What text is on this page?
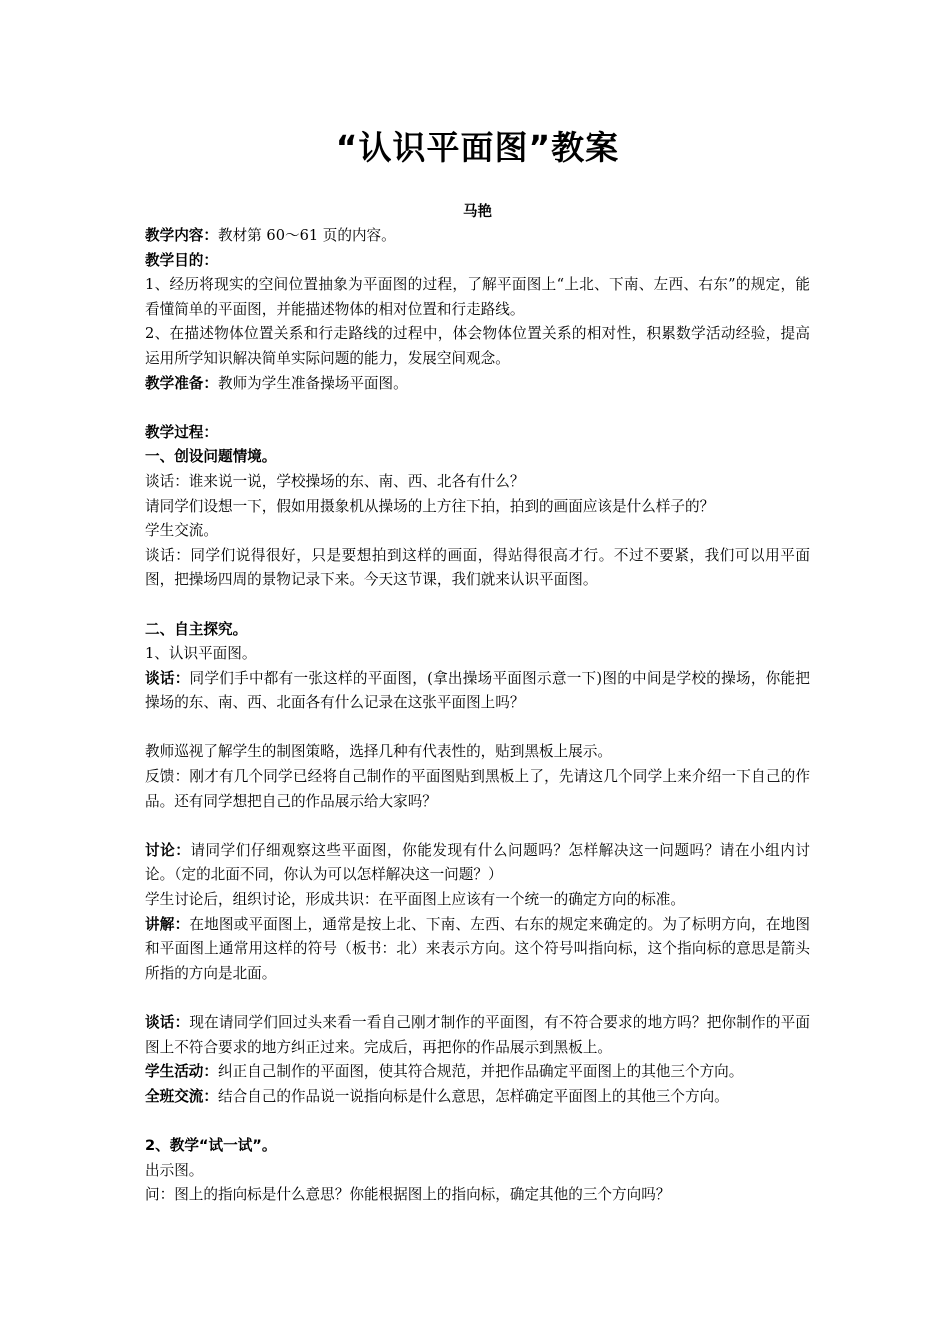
“认识平面图”教案
马艳

教学内容：教材第 60～61 页的内容。

教学目的：

1、经历将现实的空间位置抽象为平面图的过程，了解平面图上“上北、下南、左西、右东”的规定，能看懂简单的平面图，并能描述物体的相对位置和行走路线。

2、在描述物体位置关系和行走路线的过程中，体会物体位置关系的相对性，积累数学活动经验，提高运用所学知识解决简单实际问题的能力，发展空间观念。

教学准备：教师为学生准备操场平面图。

教学过程：

一、创设问题情境。

谈话：谁来说一说，学校操场的东、南、西、北各有什么？

请同学们设想一下，假如用摄象机从操场的上方往下拍，拍到的画面应该是什么样子的？

学生交流。

谈话：同学们说得很好，只是要想拍到这样的画面，得站得很高才行。不过不要紧，我们可以用平面图，把操场四周的景物记录下来。今天这节课，我们就来认识平面图。

二、自主探究。

1、认识平面图。

谈话：同学们手中都有一张这样的平面图，(拿出操场平面图示意一下)图的中间是学校的操场，你能把操场的东、南、西、北面各有什么记录在这张平面图上吗？

教师巡视了解学生的制图策略，选择几种有代表性的，贴到黑板上展示。

反馈：刚才有几个同学已经将自己制作的平面图贴到黑板上了，先请这几个同学上来介绍一下自己的作品。还有同学想把自己的作品展示给大家吗？

讨论：请同学们仔细观察这些平面图，你能发现有什么问题吗？怎样解决这一问题吗？请在小组内讨论。（定的北面不同，你认为可以怎样解决这一问题？）

学生讨论后，组织讨论，形成共识：在平面图上应该有一个统一的确定方向的标准。

讲解：在地图或平面图上，通常是按上北、下南、左西、右东的规定来确定的。为了标明方向，在地图和平面图上通常用这样的符号（板书：北）来表示方向。这个符号叫指向标，这个指向标的意思是箭头所指的方向是北面。

谈话：现在请同学们回过头来看一看自己刚才制作的平面图，有不符合要求的地方吗？把你制作的平面图上不符合要求的地方纠正过来。完成后，再把你的作品展示到黑板上。

学生活动：纠正自己制作的平面图，使其符合规范，并把作品确定平面图上的其他三个方向。

全班交流：结合自己的作品说一说指向标是什么意思，怎样确定平面图上的其他三个方向。

2、教学“试一试”。

出示图。

问：图上的指向标是什么意思？你能根据图上的指向标，确定其他的三个方向吗？
